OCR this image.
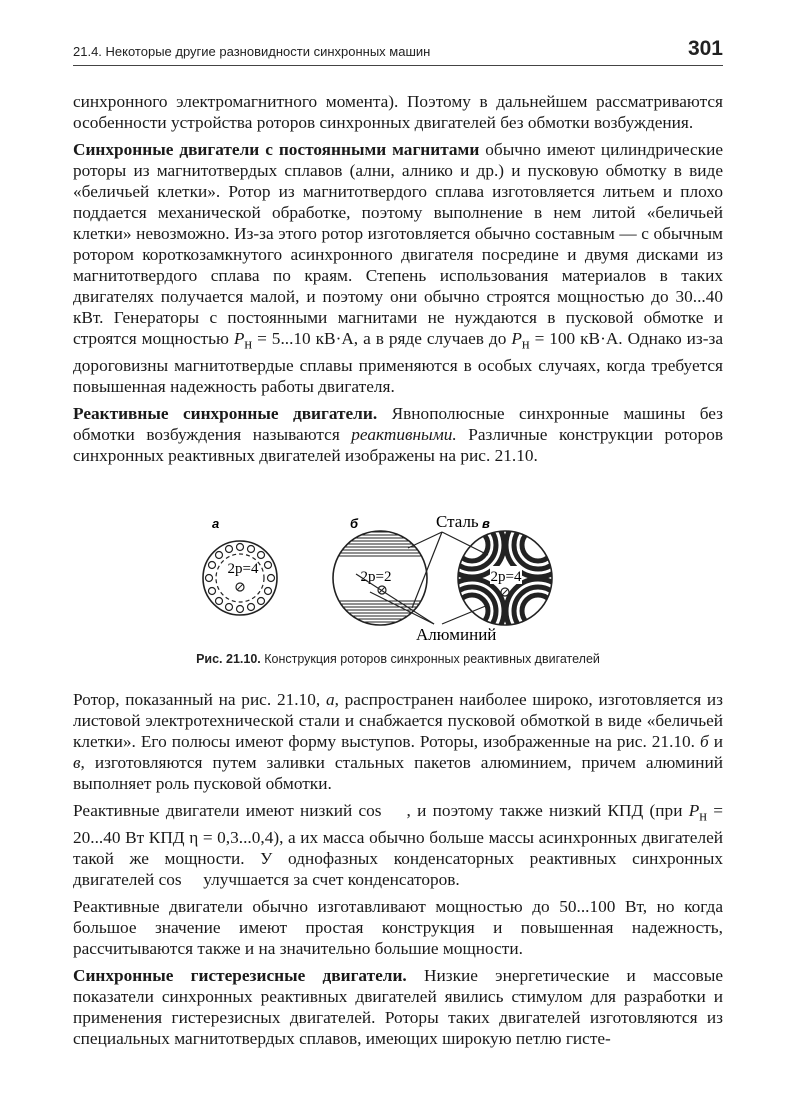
21.4. Некоторые другие разновидности синхронных машин	301

синхронного электромагнитного момента). Поэтому в дальнейшем рассматриваются особенности устройства роторов синхронных двигателей без обмотки возбуждения.

Синхронные двигатели с постоянными магнитами обычно имеют цилиндрические роторы из магнитотвердых сплавов (ални, алнико и др.) и пусковую обмотку в виде «беличьей клетки». Ротор из магнитотвердого сплава изготовляется литьем и плохо поддается механической обработке, поэтому выполнение в нем литой «беличьей клетки» невозможно. Из-за этого ротор изготовляется обычно составным — с обычным ротором короткозамкнутого асинхронного двигателя посредине и двумя дисками из магнитотвердого сплава по краям. Степень использования материалов в таких двигателях получается малой, и поэтому они обычно строятся мощностью до 30...40 кВт. Генераторы с постоянными магнитами не нуждаются в пусковой обмотке и строятся мощностью $P_н = 5...10$ кВ·А, а в ряде случаев до $P_н = 100$ кВ·А. Однако из-за дороговизны магнитотвердые сплавы применяются в особых случаях, когда требуется повышенная надежность работы двигателя.

Реактивные синхронные двигатели. Явнополюсные синхронные машины без обмотки возбуждения называются реактивными. Различные конструкции роторов синхронных реактивных двигателей изображены на рис. 21.10.

а
2p=4
б
2p=2
в
2p=4
Сталь
Алюминий
Рис. 21.10. Конструкция роторов синхронных реактивных двигателей

Ротор, показанный на рис. 21.10, а, распространен наиболее широко, изготовляется из листовой электротехнической стали и снабжается пусковой обмоткой в виде «беличьей клетки». Его полюсы имеют форму выступов. Роторы, изображенные на рис. 21.10. б и в, изготовляются путем заливки стальных пакетов алюминием, причем алюминий выполняет роль пусковой обмотки.

Реактивные двигатели имеют низкий cos    , и поэтому также низкий КПД (при $P_н = 20...40$ Вт КПД η = 0,3...0,4), а их масса обычно больше массы асинхронных двигателей такой же мощности. У однофазных конденсаторных реактивных синхронных двигателей cos     улучшается за счет конденсаторов.

Реактивные двигатели обычно изготавливают мощностью до 50...100 Вт, но когда большое значение имеют простая конструкция и повышенная надежность, рассчитываются также и на значительно большие мощности.

Синхронные гистерезисные двигатели. Низкие энергетические и массовые показатели синхронных реактивных двигателей явились стимулом для разработки и применения гистерезисных двигателей. Роторы таких двигателей изготовляются из специальных магнитотвердых сплавов, имеющих широкую петлю гисте-
